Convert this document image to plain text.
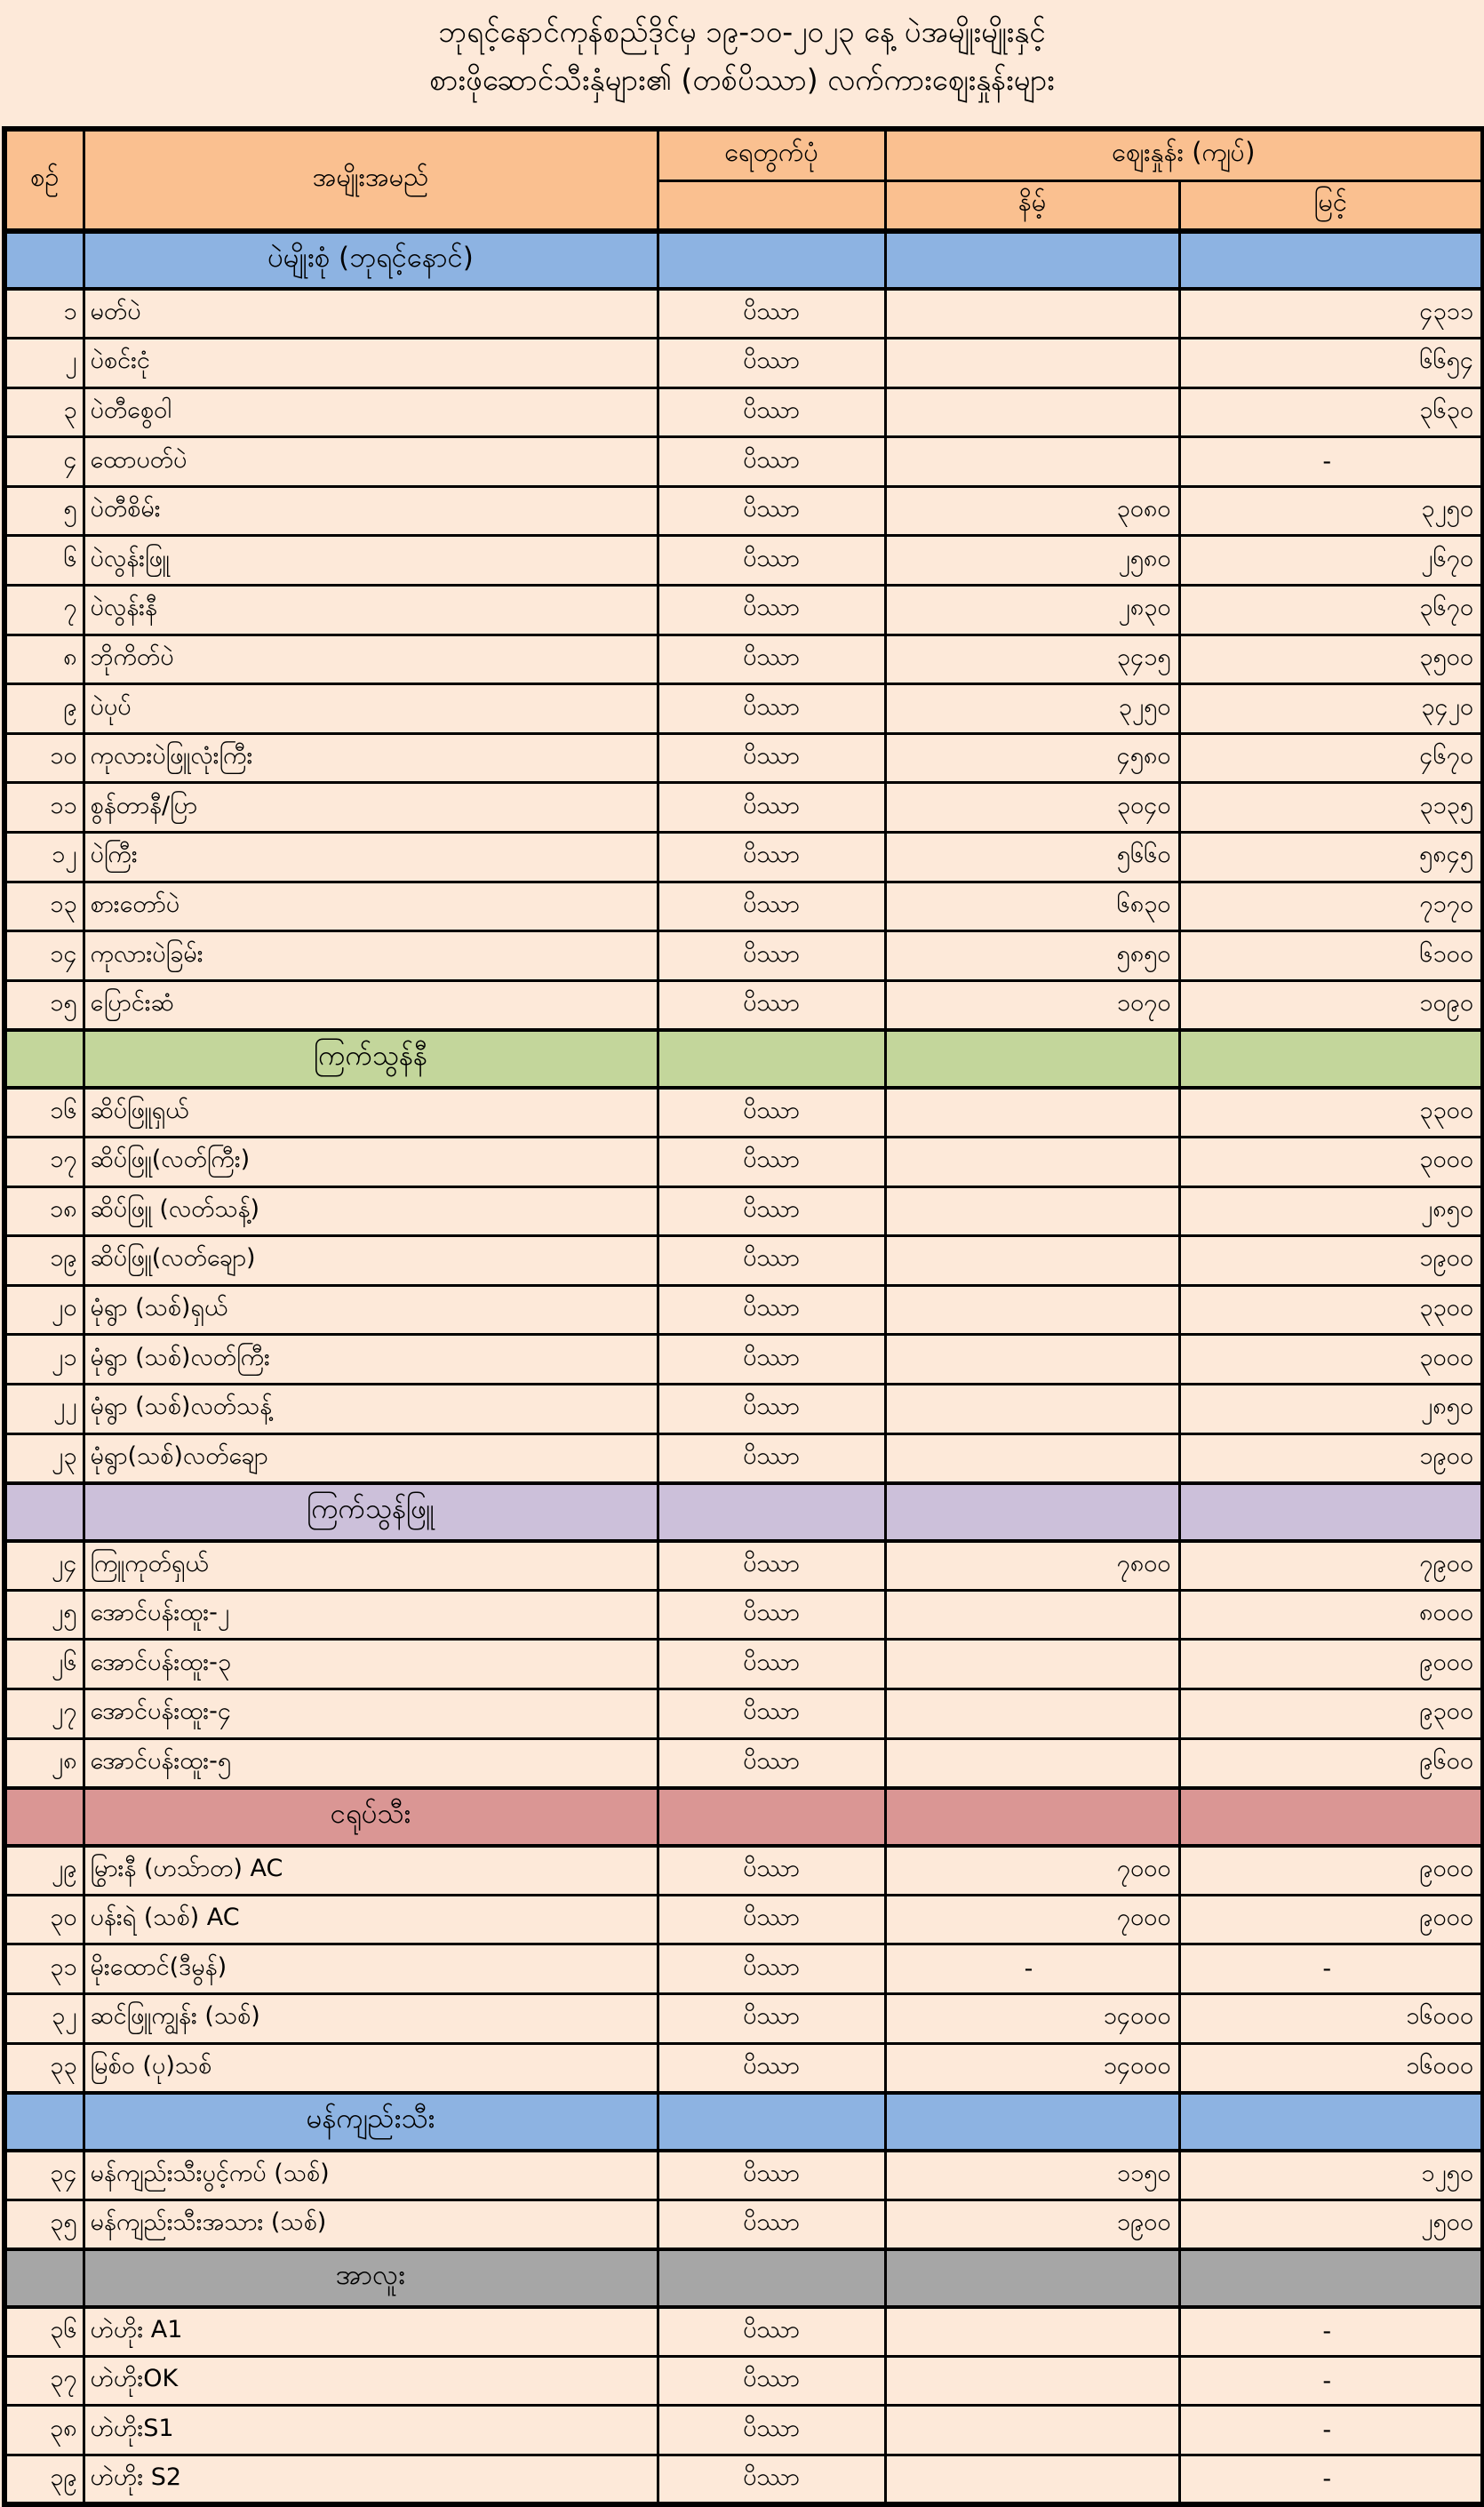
ဘုရင့်နောင်ကုန်စည်ဒိုင်မှ ၁၉-၁၀-၂၀၂၃ နေ့ ပဲအမျိုးမျိုးနှင့်
စားဖိုဆောင်သီးနှံများ၏ (တစ်ပိဿာ) လက်ကားဈေးနှုန်းများ
စဉ်	အမျိုးအမည်	ရေတွက်ပုံ	ဈေးနှုန်း (ကျပ်)	
			နိမ့်	မြင့်
	ပဲမျိုးစုံ (ဘုရင့်နောင်)			
၁	မတ်ပဲ	ပိဿာ		၄၃၁၁
၂	ပဲစင်းငုံ	ပိဿာ		၆၆၅၄
၃	ပဲတီစွေဝါ	ပိဿာ		၃၆၃၀
၄	ထောပတ်ပဲ	ပိဿာ		-
၅	ပဲတီစိမ်း	ပိဿာ	၃၀၈၀	၃၂၅၀
၆	ပဲလွန်းဖြူ	ပိဿာ	၂၅၈၀	၂၆၇၀
၇	ပဲလွန်းနီ	ပိဿာ	၂၈၃၀	၃၆၇၀
၈	ဘိုကိတ်ပဲ	ပိဿာ	၃၄၁၅	၃၅၀၀
၉	ပဲပုပ်	ပိဿာ	၃၂၅၀	၃၄၂၀
၁၀	ကုလားပဲဖြူလုံးကြီး	ပိဿာ	၄၅၈၀	၄၆၇၀
၁၁	စွန်တာနီ/ပြာ	ပိဿာ	၃၀၄၀	၃၁၃၅
၁၂	ပဲကြီး	ပိဿာ	၅၆၆၀	၅၈၄၅
၁၃	စားတော်ပဲ	ပိဿာ	၆၈၃၀	၇၁၇၀
၁၄	ကုလားပဲခြမ်း	ပိဿာ	၅၈၅၀	၆၁၀၀
၁၅	ပြောင်းဆံ	ပိဿာ	၁၀၇၀	၁၀၉၀
	ကြက်သွန်နီ			
၁၆	ဆိပ်ဖြူရှယ်	ပိဿာ		၃၃၀၀
၁၇	ဆိပ်ဖြူ(လတ်ကြီး)	ပိဿာ		၃၀၀၀
၁၈	ဆိပ်ဖြူ (လတ်သန့်)	ပိဿာ		၂၈၅၀
၁၉	ဆိပ်ဖြူ(လတ်ချော)	ပိဿာ		၁၉၀၀
၂၀	မုံရွာ (သစ်)ရှယ်	ပိဿာ		၃၃၀၀
၂၁	မုံရွာ (သစ်)လတ်ကြီး	ပိဿာ		၃၀၀၀
၂၂	မုံရွာ (သစ်)လတ်သန့်	ပိဿာ		၂၈၅၀
၂၃	မုံရွာ(သစ်)လတ်ချော	ပိဿာ		၁၉၀၀
	ကြက်သွန်ဖြူ			
၂၄	ကြူကုတ်ရှယ်	ပိဿာ	၇၈၀၀	၇၉၀၀
၂၅	အောင်ပန်းထူး-၂	ပိဿာ		၈၀၀၀
၂၆	အောင်ပန်းထူး-၃	ပိဿာ		၉၀၀၀
၂၇	အောင်ပန်းထူး-၄	ပိဿာ		၉၃၀၀
၂၈	အောင်ပန်းထူး-၅	ပိဿာ		၉၆၀၀
	ငရုပ်သီး			
၂၉	မြွားနီ (ဟသ်ာတ) AC	ပိဿာ	၇၀၀၀	၉၀၀၀
၃၀	ပန်းရဲ (သစ်) AC	ပိဿာ	၇၀၀၀	၉၀၀၀
၃၁	မိုးထောင်(ဒီမွန်)	ပိဿာ	-	-
၃၂	ဆင်ဖြူကျွန်း (သစ်)	ပိဿာ	၁၄၀၀၀	၁၆၀၀၀
၃၃	မြစ်ဝ (ပု)သစ်	ပိဿာ	၁၄၀၀၀	၁၆၀၀၀
	မန်ကျည်းသီး			
၃၄	မန်ကျည်းသီးပွင့်ကပ် (သစ်)	ပိဿာ	၁၁၅၀	၁၂၅၀
၃၅	မန်ကျည်းသီးအသား (သစ်)	ပိဿာ	၁၉၀၀	၂၅၀၀
	အာလူး			
၃၆	ဟဲဟိုး A1	ပိဿာ		-
၃၇	ဟဲဟိုးOK	ပိဿာ		-
၃၈	ဟဲဟိုးS1	ပိဿာ		-
၃၉	ဟဲဟိုး S2	ပိဿာ		-
